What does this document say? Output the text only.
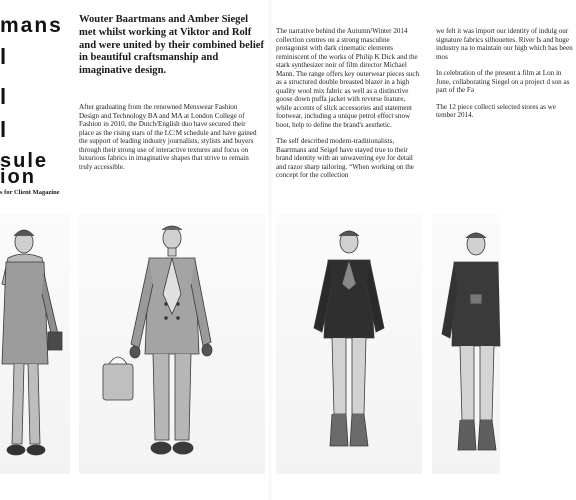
mans
l
l
l
sule
ion
s for Client Magazine
Wouter Baartmans and Amber Siegel met whilst working at Viktor and Rolf and were united by their combined belief in beautiful craftsmanship and imaginative design.

After graduating from the renowned Menswear Fashion Design and Technology BA and MA at London College of Fashion in 2010, the Dutch/English duo have secured their place as the rising stars of the LC:M schedule and have gained the support of leading industry journalists, stylists and buyers through their strong use of interactive textures and focus on luxurious fabrics in imaginative shapes that strive to remain truly accessible.

The narrative behind the Autumn/Winter 2014 collection centres on a strong masculine protagonist with dark cinematic elements reminiscent of the works of Philip K Dick and the stark synthesizer noir of film director Michael Mann. The range offers key outerwear pieces such as a structured double breasted blazer in a high quality wool mix fabric as well as a distinctive goose down puffa jacket with reverse feature, while accents of slick accessories and statement footwear, including a unique petrol effect snow boot, help to define the brand's aesthetic.

The self described modern-traditionalists, Baartmans and Seigel have stayed true to their brand identity with an unwavering eye for detail and razor sharp tailoring. “When working on the concept for the collection

we felt it was import our identity of indulg our signature fabrics silhouettes. River Is and huge industry na to maintain our high which has been mos

In celebration of the present a film at Lon in June, collaborating Siegel on a project d son as part of the Fa

The 12 piece collecti selected stores as we tember 2014.
